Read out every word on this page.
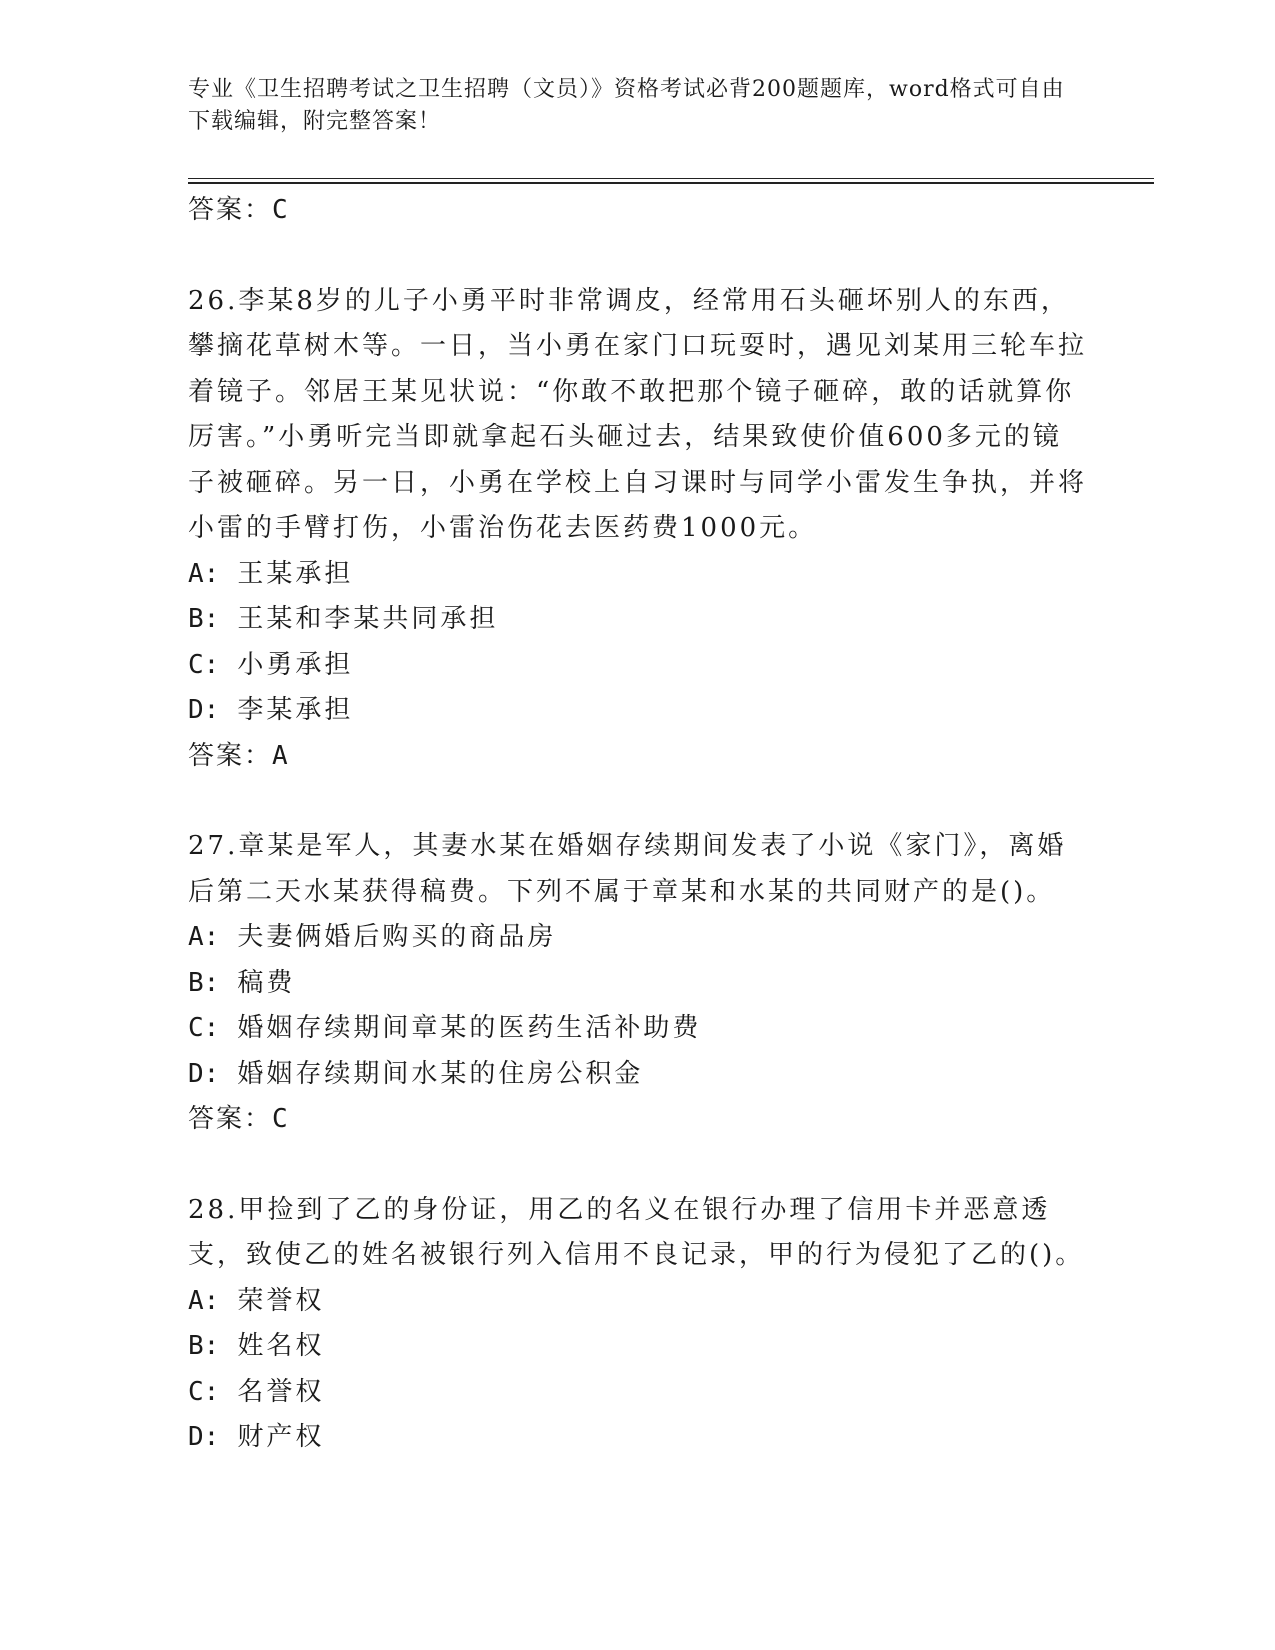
专业《卫生招聘考试之卫生招聘（文员）》资格考试必背200题题库，word格式可自由下载编辑，附完整答案！
答案：C
26.李某8岁的儿子小勇平时非常调皮，经常用石头砸坏别人的东西，攀摘花草树木等。一日，当小勇在家门口玩耍时，遇见刘某用三轮车拉着镜子。邻居王某见状说：“你敢不敢把那个镜子砸碎，敢的话就算你厉害。”小勇听完当即就拿起石头砸过去，结果致使价值600多元的镜子被砸碎。另一日，小勇在学校上自习课时与同学小雷发生争执，并将小雷的手臂打伤，小雷治伤花去医药费1000元。
A: 王某承担
B: 王某和李某共同承担
C: 小勇承担
D: 李某承担
答案：A
27.章某是军人，其妻水某在婚姻存续期间发表了小说《家门》，离婚后第二天水某获得稿费。下列不属于章某和水某的共同财产的是()。
A: 夫妻俩婚后购买的商品房
B: 稿费
C: 婚姻存续期间章某的医药生活补助费
D: 婚姻存续期间水某的住房公积金
答案：C
28.甲捡到了乙的身份证，用乙的名义在银行办理了信用卡并恶意透支，致使乙的姓名被银行列入信用不良记录，甲的行为侵犯了乙的()。
A: 荣誉权
B: 姓名权
C: 名誉权
D: 财产权
